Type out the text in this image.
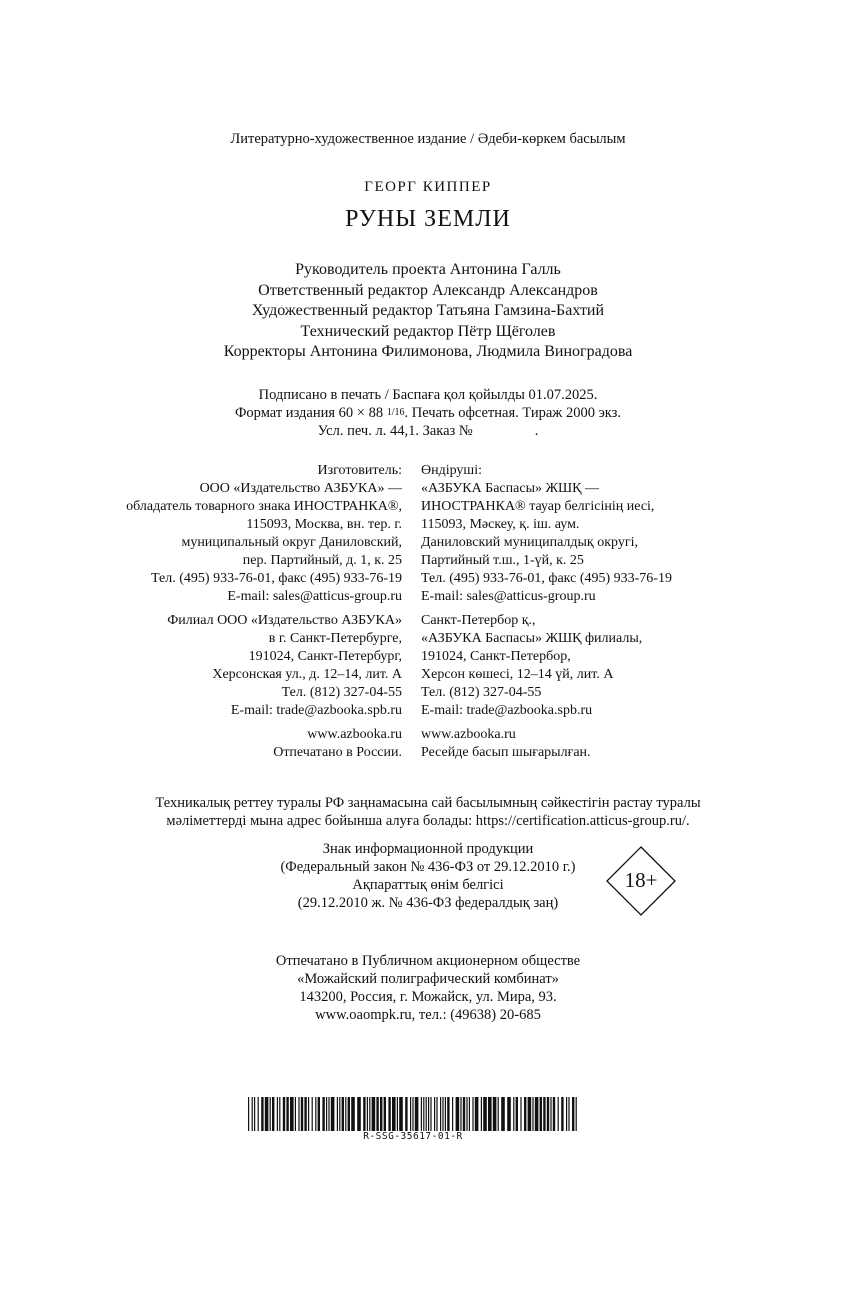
Литературно-художественное издание / Әдеби-көркем басылым
ГЕОРГ КИППЕР
РУНЫ ЗЕМЛИ
Руководитель проекта Антонина Галль
Ответственный редактор Александр Александров
Художественный редактор Татьяна Гамзина-Бахтий
Технический редактор Пётр Щёголев
Корректоры Антонина Филимонова, Людмила Виноградова
Подписано в печать / Баспаға қол қойылды 01.07.2025.
Формат издания 60 × 88 1/16. Печать офсетная. Тираж 2000 экз.
Усл. печ. л. 44,1. Заказ №	.
Изготовитель:
ООО «Издательство АЗБУКА» —
обладатель товарного знака ИНОСТРАНКА®,
115093, Москва, вн. тер. г.
муниципальный округ Даниловский,
пер. Партийный, д. 1, к. 25
Тел. (495) 933-76-01, факс (495) 933-76-19
E-mail: sales@atticus-group.ru
Филиал ООО «Издательство АЗБУКА»
в г. Санкт-Петербурге,
191024, Санкт-Петербург,
Херсонская ул., д. 12–14, лит. А
Тел. (812) 327-04-55
E-mail: trade@azbooka.spb.ru
www.azbooka.ru
Отпечатано в России.
Өндіруші:
«АЗБУКА Баспасы» ЖШҚ —
ИНОСТРАНКА® тауар белгісінің иесі,
115093, Мәскеу, қ. іш. аум.
Даниловский муниципалдық округі,
Партийный т.ш., 1-үй, к. 25
Тел. (495) 933-76-01, факс (495) 933-76-19
E-mail: sales@atticus-group.ru
Санкт-Петербор қ.,
«АЗБУКА Баспасы» ЖШҚ филиалы,
191024, Санкт-Петербор,
Херсон көшесі, 12–14 үй, лит. А
Тел. (812) 327-04-55
E-mail: trade@azbooka.spb.ru
www.azbooka.ru
Ресейде басып шығарылған.
Техникалық реттеу туралы РФ заңнамасына сай басылымның сәйкестігін растау туралы
мәліметтерді мына адрес бойынша алуға болады: https://certification.atticus-group.ru/.
Знак информационной продукции
(Федеральный закон № 436-ФЗ от 29.12.2010 г.)
Ақпараттық өнім белгісі
(29.12.2010 ж. № 436-ФЗ федералдық заң)
18+
Отпечатано в Публичном акционерном обществе
«Можайский полиграфический комбинат»
143200, Россия, г. Можайск, ул. Мира, 93.
www.oaompk.ru, тел.: (49638) 20-685
R-SSG-35617-01-R
